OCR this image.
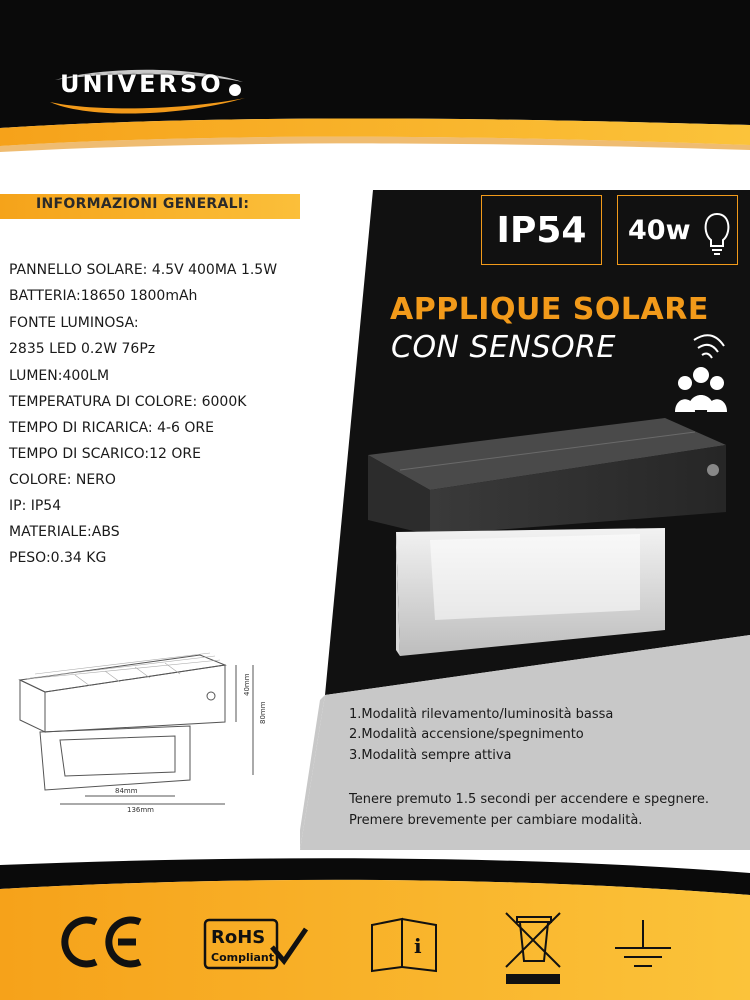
UNIVERSO
INFORMAZIONI GENERALI:
PANNELLO SOLARE: 4.5V 400MA 1.5W
BATTERIA:18650 1800mAh
FONTE LUMINOSA:
2835 LED 0.2W 76Pz
LUMEN:400LM
TEMPERATURA DI COLORE: 6000K
TEMPO DI RICARICA: 4-6 ORE
TEMPO DI SCARICO:12 ORE
COLORE: NERO
IP: IP54
MATERIALE:ABS
PESO:0.34 KG
IP54	40w
APPLIQUE SOLARE
CON SENSORE
40mm
80mm
84mm
136mm
1.Modalità rilevamento/luminosità bassa
2.Modalità accensione/spegnimento
3.Modalità sempre attiva
Tenere premuto 1.5 secondi per accendere e spegnere.
Premere brevemente per cambiare modalità.
RoHS
Compliant	i
